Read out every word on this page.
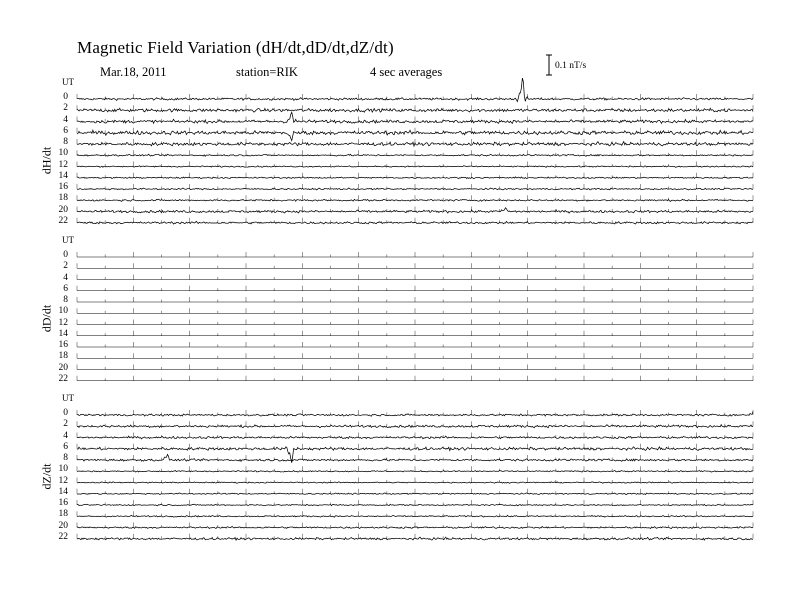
Magnetic Field Variation (dH/dt,dD/dt,dZ/dt)
Mar.18, 2011	station=RIK	4 sec averages	0.1 nT/s
UT
dH/dt
0
2
4
6
8
10
12
14
16
18
20
22
UT
dD/dt
0
2
4
6
8
10
12
14
16
18
20
22
UT
dZ/dt
0
2
4
6
8
10
12
14
16
18
20
22
